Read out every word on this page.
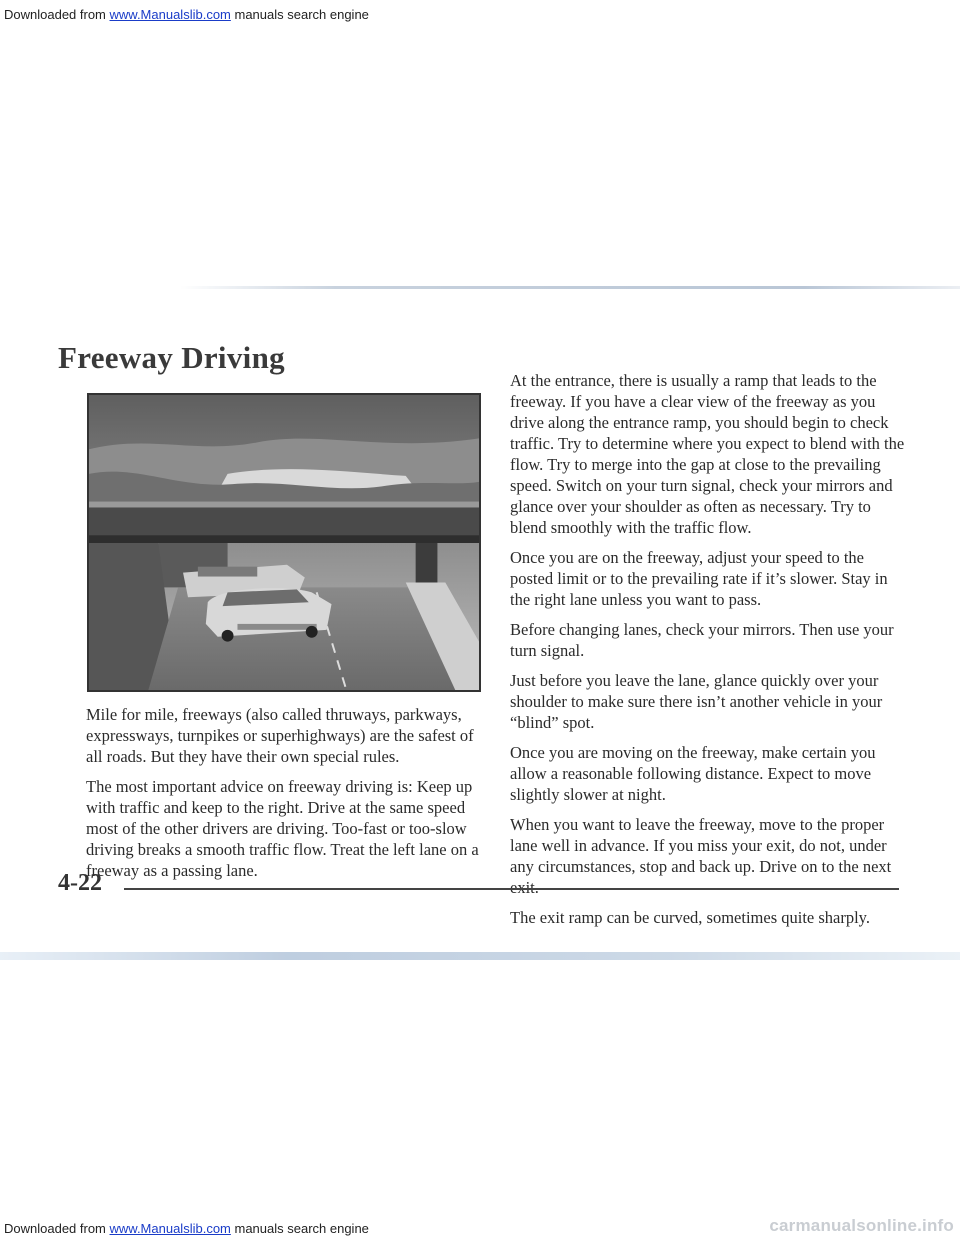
Downloaded from www.Manualslib.com manuals search engine
Freeway Driving

Mile for mile, freeways (also called thruways, parkways, expressways, turnpikes or superhighways) are the safest of all roads. But they have their own special rules.

The most important advice on freeway driving is: Keep up with traffic and keep to the right. Drive at the same speed most of the other drivers are driving. Too-fast or too-slow driving breaks a smooth traffic flow. Treat the left lane on a freeway as a passing lane.

At the entrance, there is usually a ramp that leads to the freeway. If you have a clear view of the freeway as you drive along the entrance ramp, you should begin to check traffic. Try to determine where you expect to blend with the flow. Try to merge into the gap at close to the prevailing speed. Switch on your turn signal, check your mirrors and glance over your shoulder as often as necessary. Try to blend smoothly with the traffic flow.

Once you are on the freeway, adjust your speed to the posted limit or to the prevailing rate if it’s slower. Stay in the right lane unless you want to pass.

Before changing lanes, check your mirrors. Then use your turn signal.

Just before you leave the lane, glance quickly over your shoulder to make sure there isn’t another vehicle in your “blind” spot.

Once you are moving on the freeway, make certain you allow a reasonable following distance. Expect to move slightly slower at night.

When you want to leave the freeway, move to the proper lane well in advance. If you miss your exit, do not, under any circumstances, stop and back up. Drive on to the next exit.

The exit ramp can be curved, sometimes quite sharply.

4-22
Downloaded from www.Manualslib.com manuals search engine	carmanualsonline.info
